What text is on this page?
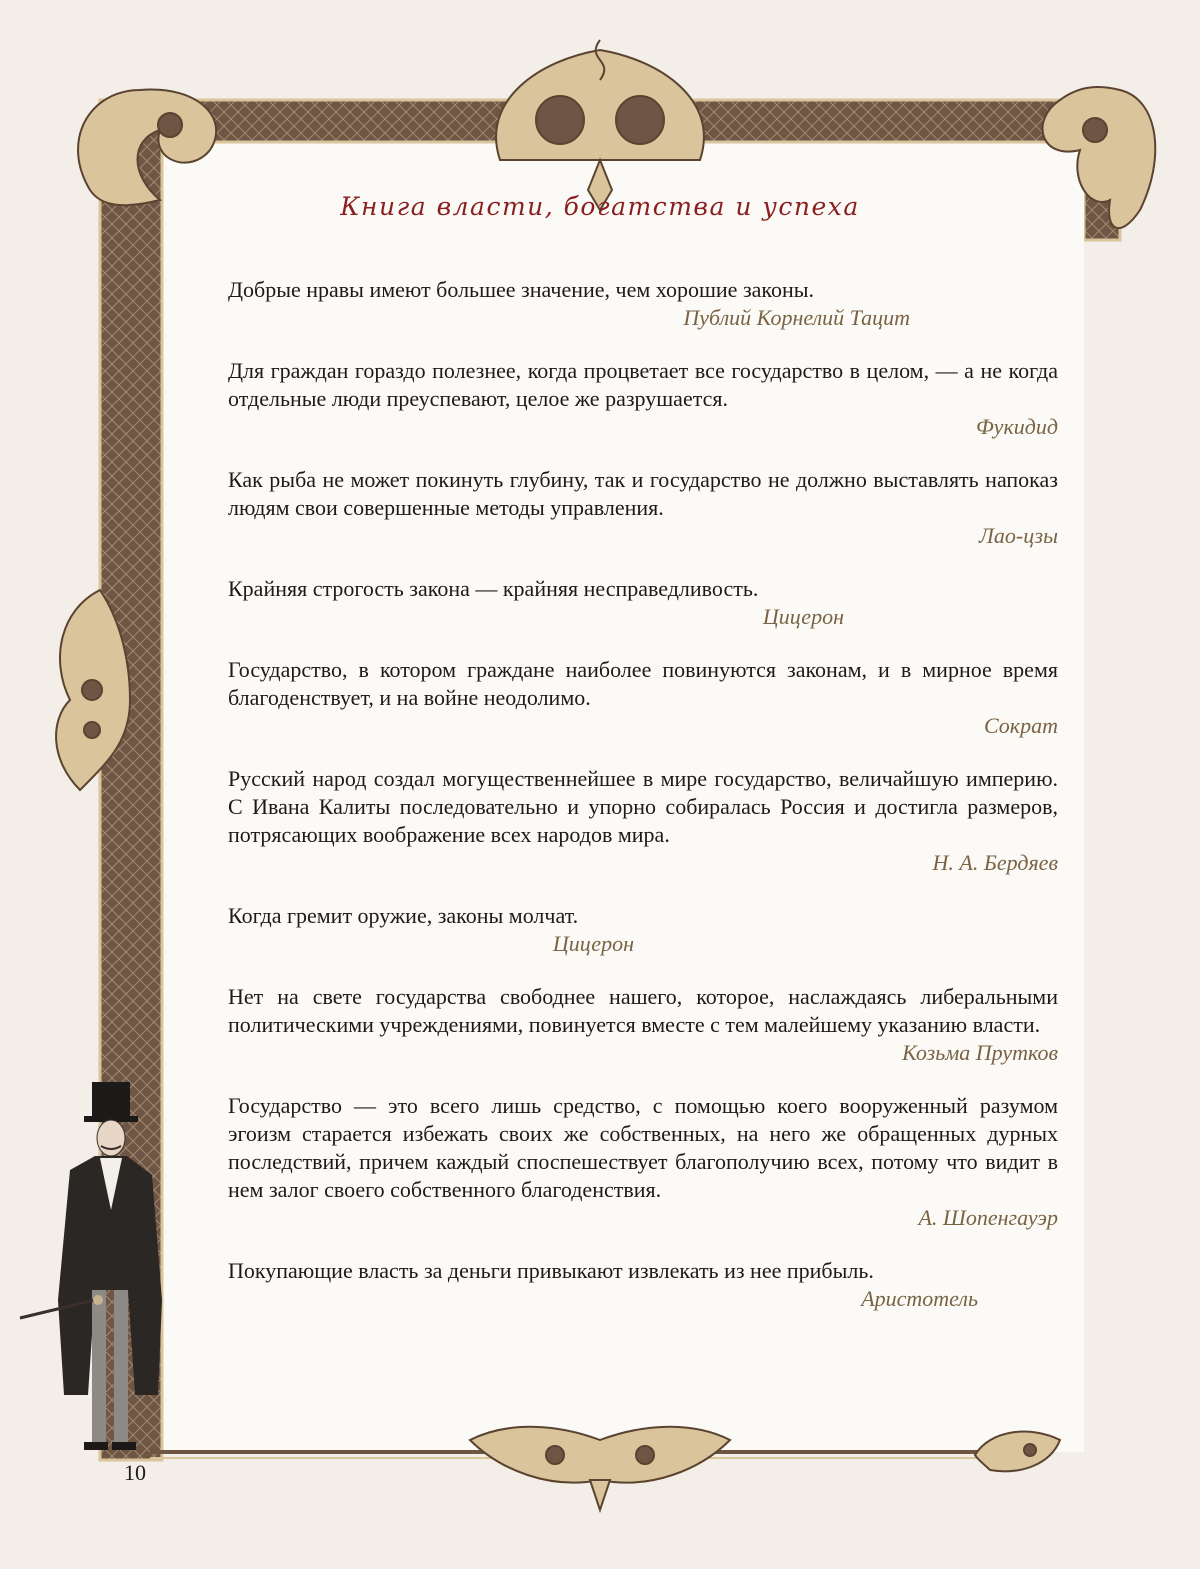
Книга власти, богатства и успеха
Добрые нравы имеют большее значение, чем хорошие законы.
Публий Корнелий Тацит
Для граждан гораздо полезнее, когда процветает все государство в целом, — а не когда отдельные люди преуспевают, целое же разрушается.
Фукидид
Как рыба не может покинуть глубину, так и государство не должно выставлять напоказ людям свои совершенные методы управления.
Лао-цзы
Крайняя строгость закона — крайняя несправедливость.
Цицерон
Государство, в котором граждане наиболее повинуются законам, и в мирное время благоденствует, и на войне неодолимо.
Сократ
Русский народ создал могущественнейшее в мире государство, величайшую империю. С Ивана Калиты последовательно и упорно собиралась Россия и достигла размеров, потрясающих воображение всех народов мира.
Н. А. Бердяев
Когда гремит оружие, законы молчат.
Цицерон
Нет на свете государства свободнее нашего, которое, наслаждаясь либеральными политическими учреждениями, повинуется вместе с тем малейшему указанию власти.
Козьма Прутков
Государство — это всего лишь средство, с помощью коего вооруженный разумом эгоизм старается избежать своих же собственных, на него же обращенных дурных последствий, причем каждый споспешествует благополучию всех, потому что видит в нем залог своего собственного благоденствия.
А. Шопенгауэр
Покупающие власть за деньги привыкают извлекать из нее прибыль.
Аристотель
10
